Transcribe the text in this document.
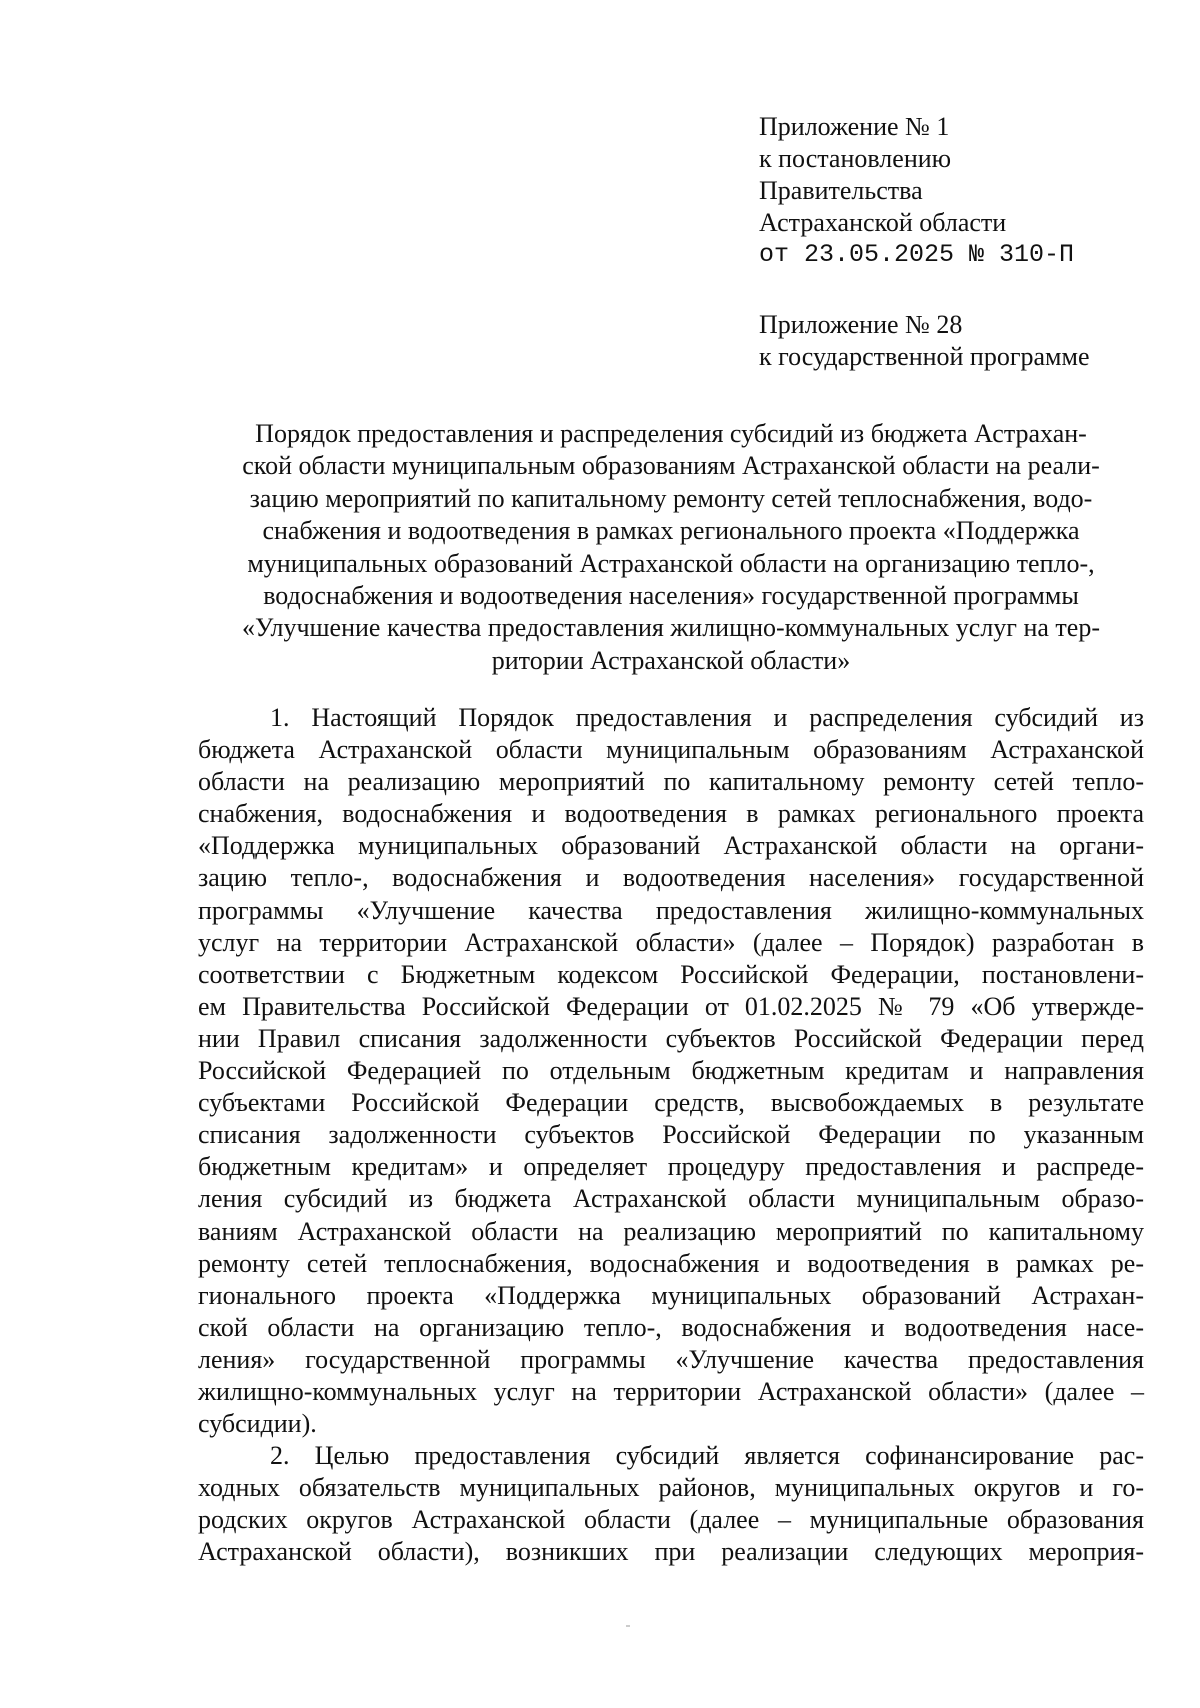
Приложение № 1
к постановлению
Правительства
Астраханской области
от 23.05.2025 № 310-П
Приложение № 28
к государственной программе
Порядок предоставления и распределения субсидий из бюджета Астрахан-
ской области муниципальным образованиям Астраханской области на реали-
зацию мероприятий по капитальному ремонту сетей теплоснабжения, водо-
снабжения и водоотведения в рамках регионального проекта «Поддержка
муниципальных образований Астраханской области на организацию тепло-,
водоснабжения и водоотведения населения» государственной программы
«Улучшение качества предоставления жилищно-коммунальных услуг на тер-
ритории Астраханской области»
1. Настоящий Порядок предоставления и распределения субсидий из
бюджета Астраханской области муниципальным образованиям Астраханской
области на реализацию мероприятий по капитальному ремонту сетей тепло-
снабжения, водоснабжения и водоотведения в рамках регионального проекта
«Поддержка муниципальных образований Астраханской области на органи-
зацию тепло-, водоснабжения и водоотведения населения» государственной
программы «Улучшение качества предоставления жилищно-коммунальных
услуг на территории Астраханской области» (далее – Порядок) разработан в
соответствии с Бюджетным кодексом Российской Федерации, постановлени-
ем Правительства Российской Федерации от 01.02.2025 № 79 «Об утвержде-
нии Правил списания задолженности субъектов Российской Федерации перед
Российской Федерацией по отдельным бюджетным кредитам и направления
субъектами Российской Федерации средств, высвобождаемых в результате
списания задолженности субъектов Российской Федерации по указанным
бюджетным кредитам» и определяет процедуру предоставления и распреде-
ления субсидий из бюджета Астраханской области муниципальным образо-
ваниям Астраханской области на реализацию мероприятий по капитальному
ремонту сетей теплоснабжения, водоснабжения и водоотведения в рамках ре-
гионального проекта «Поддержка муниципальных образований Астрахан-
ской области на организацию тепло-, водоснабжения и водоотведения насе-
ления» государственной программы «Улучшение качества предоставления
жилищно-коммунальных услуг на территории Астраханской области» (далее –
субсидии).
2. Целью предоставления субсидий является софинансирование рас-
ходных обязательств муниципальных районов, муниципальных округов и го-
родских округов Астраханской области (далее – муниципальные образования
Астраханской области), возникших при реализации следующих мероприя-
